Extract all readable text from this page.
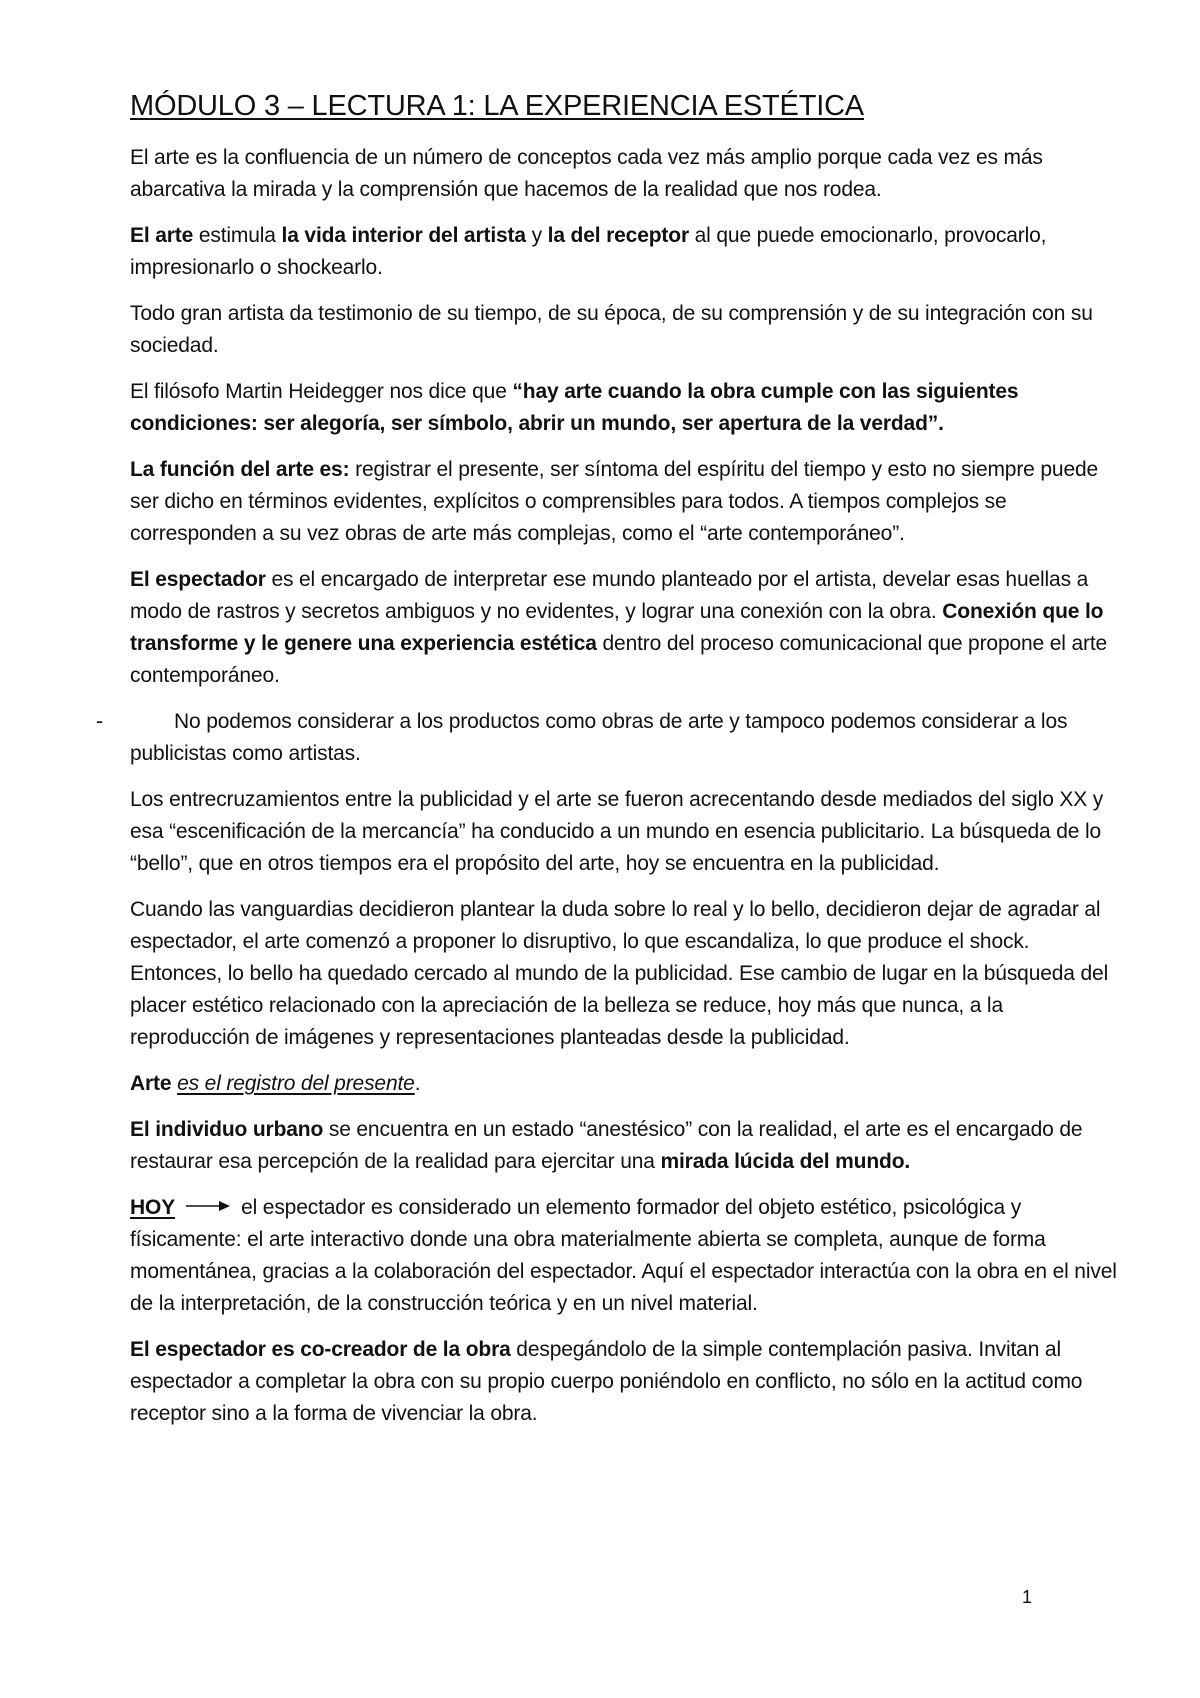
MÓDULO 3 – LECTURA 1: LA EXPERIENCIA ESTÉTICA

El arte es la confluencia de un número de conceptos cada vez más amplio porque cada vez es más abarcativa la mirada y la comprensión que hacemos de la realidad que nos rodea.

El arte estimula la vida interior del artista y la del receptor al que puede emocionarlo, provocarlo, impresionarlo o shockearlo.

Todo gran artista da testimonio de su tiempo, de su época, de su comprensión y de su integración con su sociedad.

El filósofo Martin Heidegger nos dice que “hay arte cuando la obra cumple con las siguientes condiciones: ser alegoría, ser símbolo, abrir un mundo, ser apertura de la verdad”.

La función del arte es: registrar el presente, ser síntoma del espíritu del tiempo y esto no siempre puede ser dicho en términos evidentes, explícitos o comprensibles para todos. A tiempos complejos se corresponden a su vez obras de arte más complejas, como el “arte contemporáneo”.

El espectador es el encargado de interpretar ese mundo planteado por el artista, develar esas huellas a modo de rastros y secretos ambiguos y no evidentes, y lograr una conexión con la obra. Conexión que lo transforme y le genere una experiencia estética dentro del proceso comunicacional que propone el arte contemporáneo.

-	No podemos considerar a los productos como obras de arte y tampoco podemos considerar a los publicistas como artistas.

Los entrecruzamientos entre la publicidad y el arte se fueron acrecentando desde mediados del siglo XX y esa “escenificación de la mercancía” ha conducido a un mundo en esencia publicitario. La búsqueda de lo “bello”, que en otros tiempos era el propósito del arte, hoy se encuentra en la publicidad.

Cuando las vanguardias decidieron plantear la duda sobre lo real y lo bello, decidieron dejar de agradar al espectador, el arte comenzó a proponer lo disruptivo, lo que escandaliza, lo que produce el shock. Entonces, lo bello ha quedado cercado al mundo de la publicidad. Ese cambio de lugar en la búsqueda del placer estético relacionado con la apreciación de la belleza se reduce, hoy más que nunca, a la reproducción de imágenes y representaciones planteadas desde la publicidad.

Arte es el registro del presente.

El individuo urbano se encuentra en un estado “anestésico” con la realidad, el arte es el encargado de restaurar esa percepción de la realidad para ejercitar una mirada lúcida del mundo.

HOY	el espectador es considerado un elemento formador del objeto estético, psicológica y físicamente: el arte interactivo donde una obra materialmente abierta se completa, aunque de forma momentánea, gracias a la colaboración del espectador. Aquí el espectador interactúa con la obra en el nivel de la interpretación, de la construcción teórica y en un nivel material.

El espectador es co-creador de la obra despegándolo de la simple contemplación pasiva. Invitan al espectador a completar la obra con su propio cuerpo poniéndolo en conflicto, no sólo en la actitud como receptor sino a la forma de vivenciar la obra.

1
